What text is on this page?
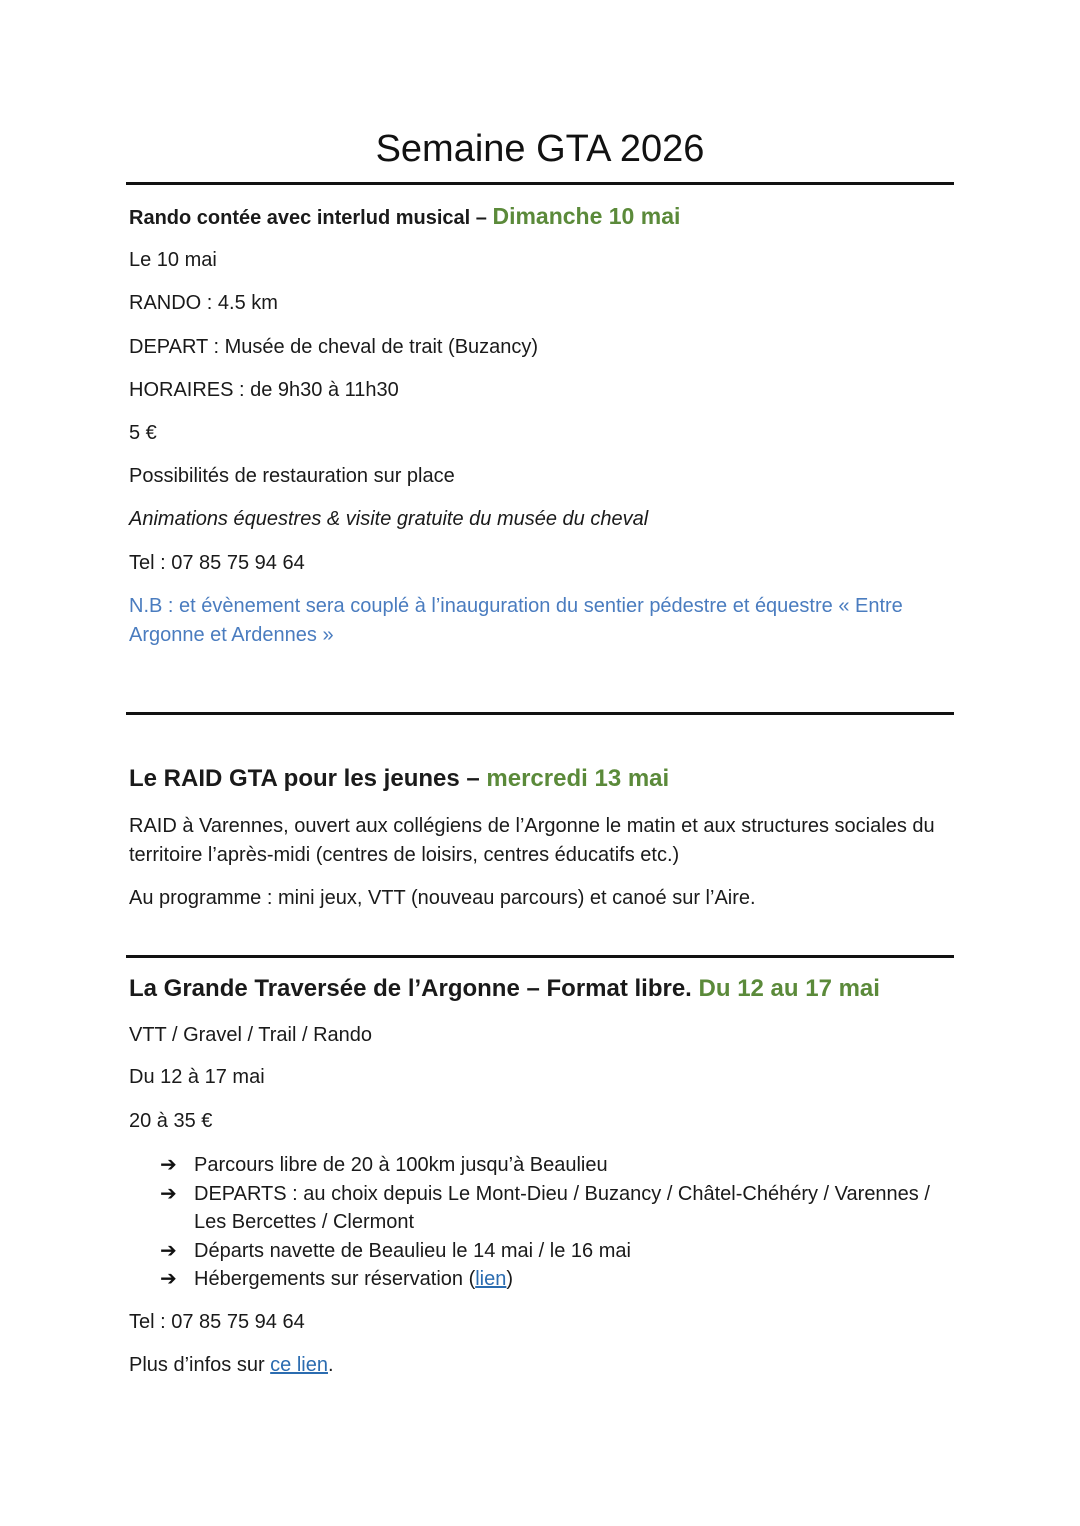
Semaine GTA 2026
Rando contée avec interlud musical – Dimanche 10 mai
Le 10 mai
RANDO : 4.5 km
DEPART : Musée de cheval de trait (Buzancy)
HORAIRES : de 9h30 à 11h30
5 €
Possibilités de restauration sur place
Animations équestres & visite gratuite du musée du cheval
Tel : 07 85 75 94 64
N.B : et évènement sera couplé à l’inauguration du sentier pédestre et équestre « Entre Argonne et Ardennes »
Le RAID GTA pour les jeunes – mercredi 13 mai
RAID à Varennes, ouvert aux collégiens de l’Argonne le matin et aux structures sociales du territoire l’après-midi (centres de loisirs, centres éducatifs etc.)
Au programme : mini jeux, VTT (nouveau parcours) et canoé sur l’Aire.
La Grande Traversée de l’Argonne – Format libre. Du 12 au 17 mai
VTT / Gravel / Trail / Rando
Du 12 à 17 mai
20 à 35 €
➔ Parcours libre de 20 à 100km jusqu’à Beaulieu
➔ DEPARTS : au choix depuis Le Mont-Dieu / Buzancy / Châtel-Chéhéry / Varennes / Les Bercettes / Clermont
➔ Départs navette de Beaulieu le 14 mai / le 16 mai
➔ Hébergements sur réservation (lien)
Tel : 07 85 75 94 64
Plus d’infos sur ce lien.
